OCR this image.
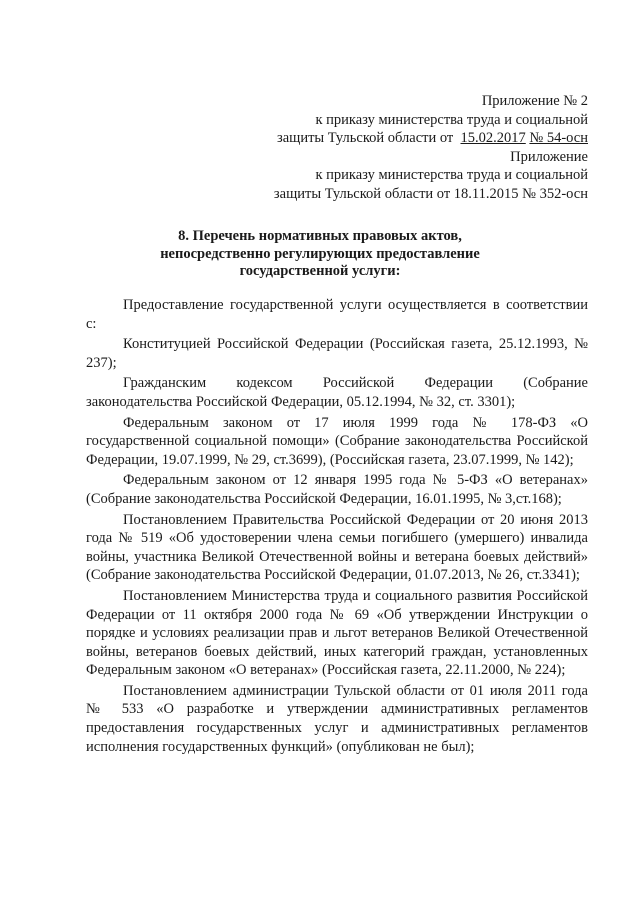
Приложение № 2
к приказу министерства труда и социальной
защиты Тульской области от 15.02.2017 № 54-осн
Приложение
к приказу министерства труда и социальной
защиты Тульской области от 18.11.2015 № 352-осн
8. Перечень нормативных правовых актов,
непосредственно регулирующих предоставление
государственной услуги:

Предоставление государственной услуги осуществляется в соответствии с:

Конституцией Российской Федерации (Российская газета, 25.12.1993, № 237);

Гражданским кодексом Российской Федерации (Собрание законодательства Российской Федерации, 05.12.1994, № 32, ст. 3301);

Федеральным законом от 17 июля 1999 года № 178-ФЗ «О государственной социальной помощи» (Собрание законодательства Российской Федерации, 19.07.1999, № 29, ст.3699), (Российская газета, 23.07.1999, № 142);

Федеральным законом от 12 января 1995 года № 5-ФЗ «О ветеранах» (Собрание законодательства Российской Федерации, 16.01.1995, № 3,ст.168);

Постановлением Правительства Российской Федерации от 20 июня 2013 года № 519 «Об удостоверении члена семьи погибшего (умершего) инвалида войны, участника Великой Отечественной войны и ветерана боевых действий» (Собрание законодательства Российской Федерации, 01.07.2013, № 26, ст.3341);

Постановлением Министерства труда и социального развития Российской Федерации от 11 октября 2000 года № 69 «Об утверждении Инструкции о порядке и условиях реализации прав и льгот ветеранов Великой Отечественной войны, ветеранов боевых действий, иных категорий граждан, установленных Федеральным законом «О ветеранах» (Российская газета, 22.11.2000, № 224);

Постановлением администрации Тульской области от 01 июля 2011 года № 533 «О разработке и утверждении административных регламентов предоставления государственных услуг и административных регламентов исполнения государственных функций» (опубликован не был);
